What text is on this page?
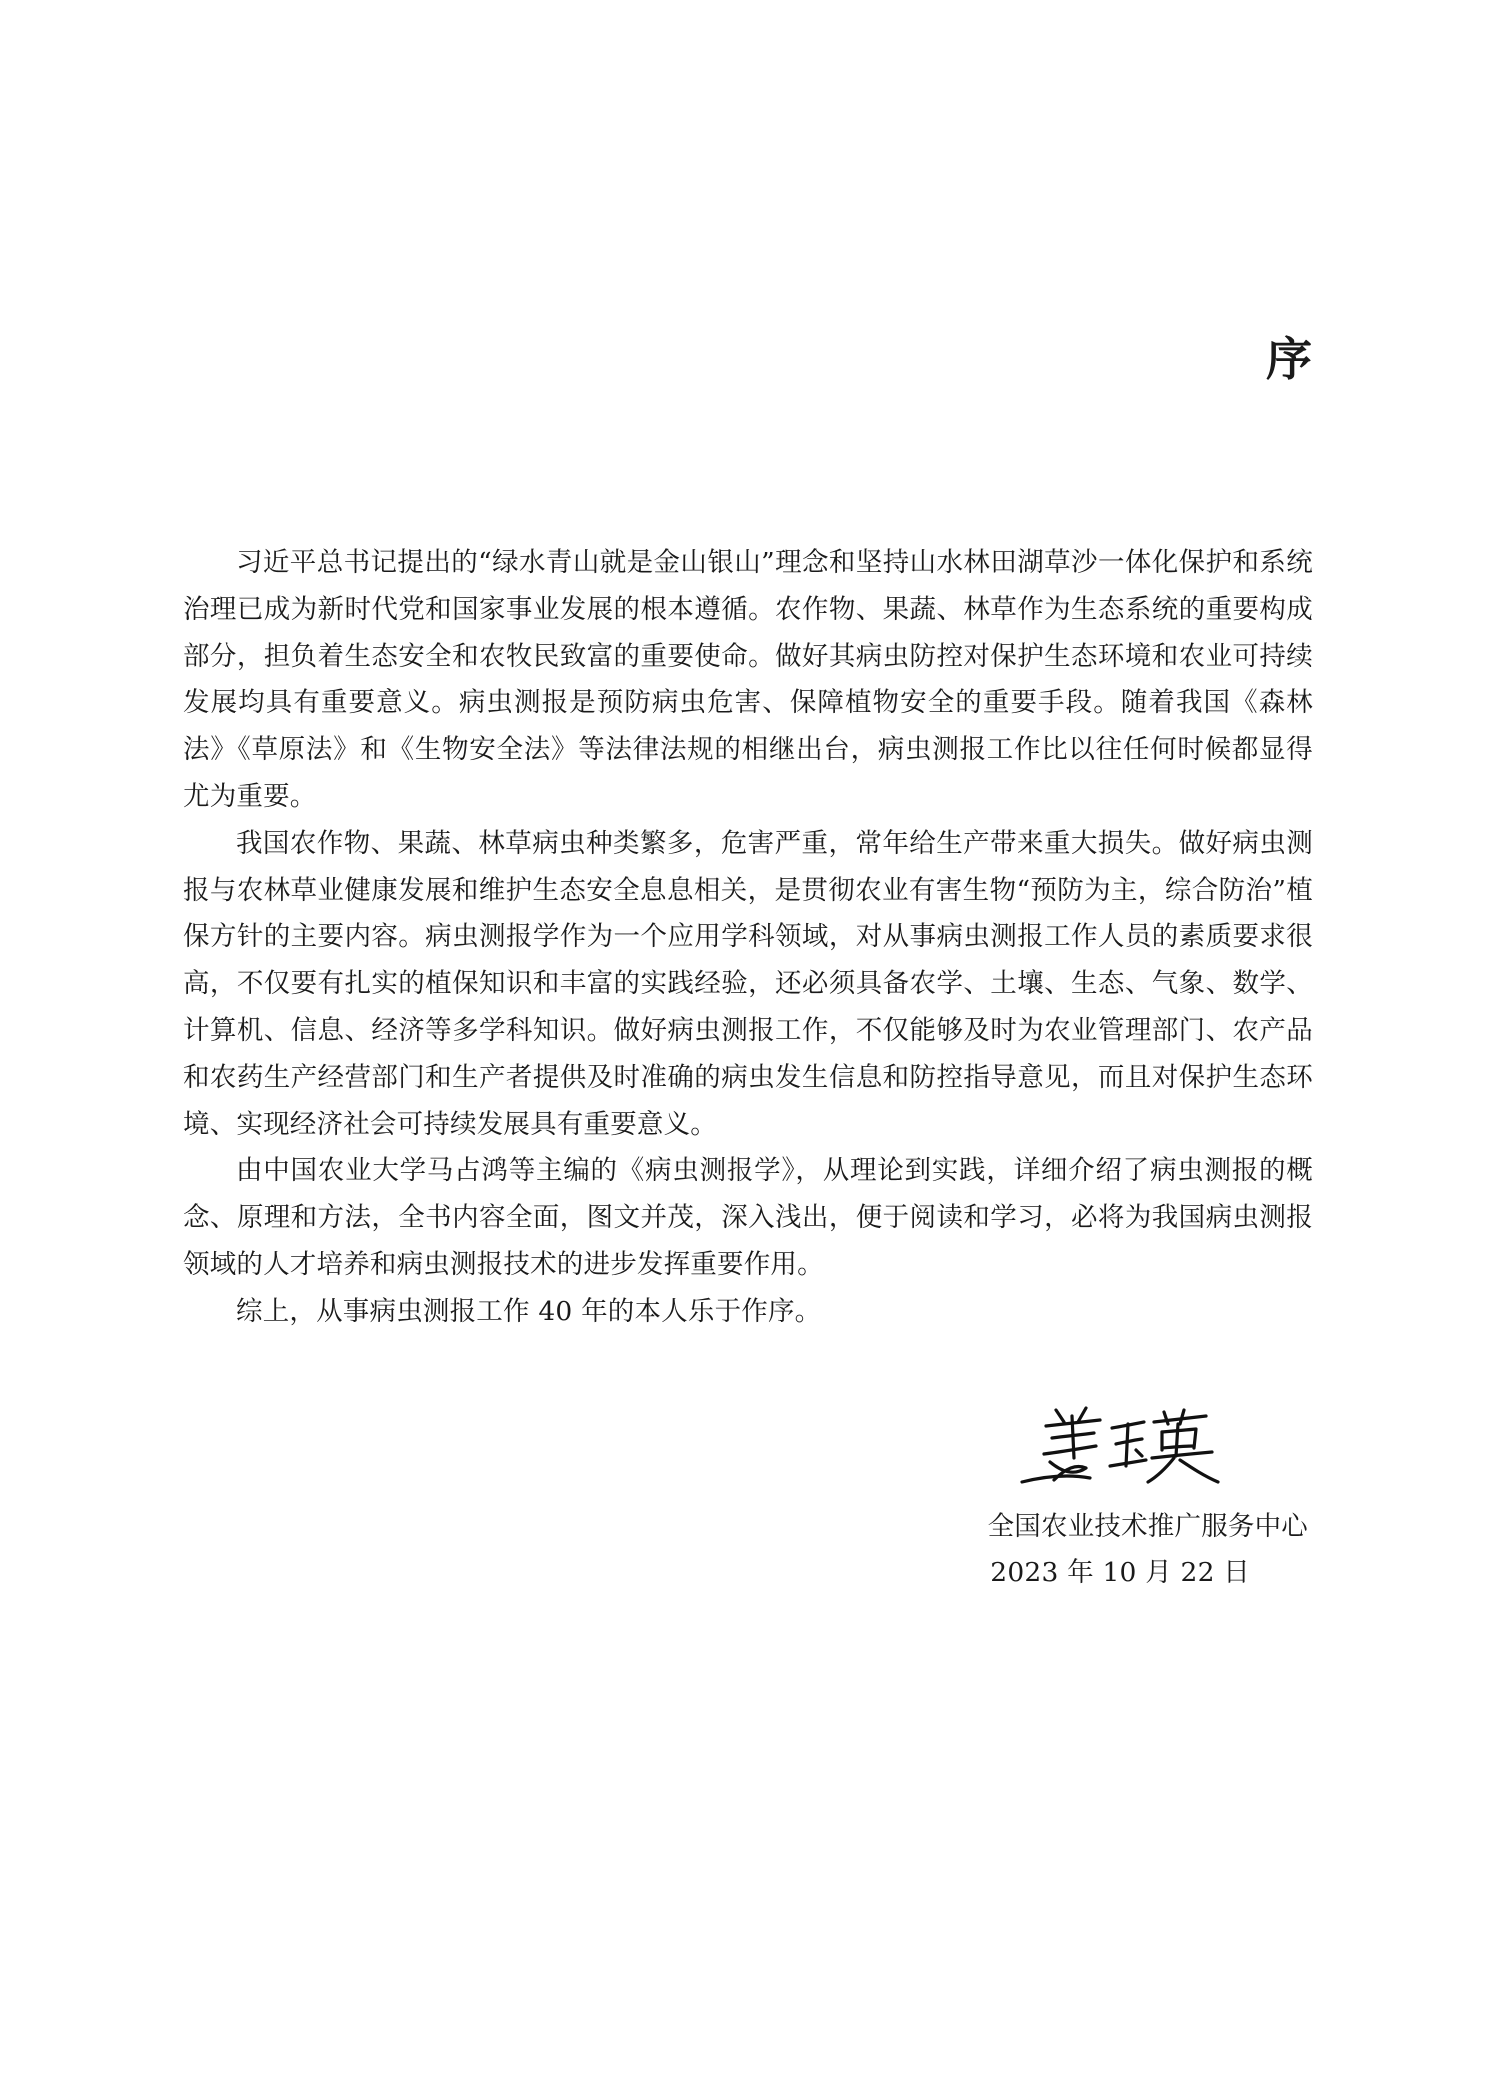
序

习近平总书记提出的“绿水青山就是金山银山”理念和坚持山水林田湖草沙一体化保护和系统治理已成为新时代党和国家事业发展的根本遵循。农作物、果蔬、林草作为生态系统的重要构成部分，担负着生态安全和农牧民致富的重要使命。做好其病虫防控对保护生态环境和农业可持续发展均具有重要意义。病虫测报是预防病虫危害、保障植物安全的重要手段。随着我国《森林法》《草原法》和《生物安全法》等法律法规的相继出台，病虫测报工作比以往任何时候都显得尤为重要。

我国农作物、果蔬、林草病虫种类繁多，危害严重，常年给生产带来重大损失。做好病虫测报与农林草业健康发展和维护生态安全息息相关，是贯彻农业有害生物“预防为主，综合防治”植保方针的主要内容。病虫测报学作为一个应用学科领域，对从事病虫测报工作人员的素质要求很高，不仅要有扎实的植保知识和丰富的实践经验，还必须具备农学、土壤、生态、气象、数学、计算机、信息、经济等多学科知识。做好病虫测报工作，不仅能够及时为农业管理部门、农产品和农药生产经营部门和生产者提供及时准确的病虫发生信息和防控指导意见，而且对保护生态环境、实现经济社会可持续发展具有重要意义。

由中国农业大学马占鸿等主编的《病虫测报学》，从理论到实践，详细介绍了病虫测报的概念、原理和方法，全书内容全面，图文并茂，深入浅出，便于阅读和学习，必将为我国病虫测报领域的人才培养和病虫测报技术的进步发挥重要作用。

综上，从事病虫测报工作 40 年的本人乐于作序。

全国农业技术推广服务中心
2023 年 10 月 22 日
